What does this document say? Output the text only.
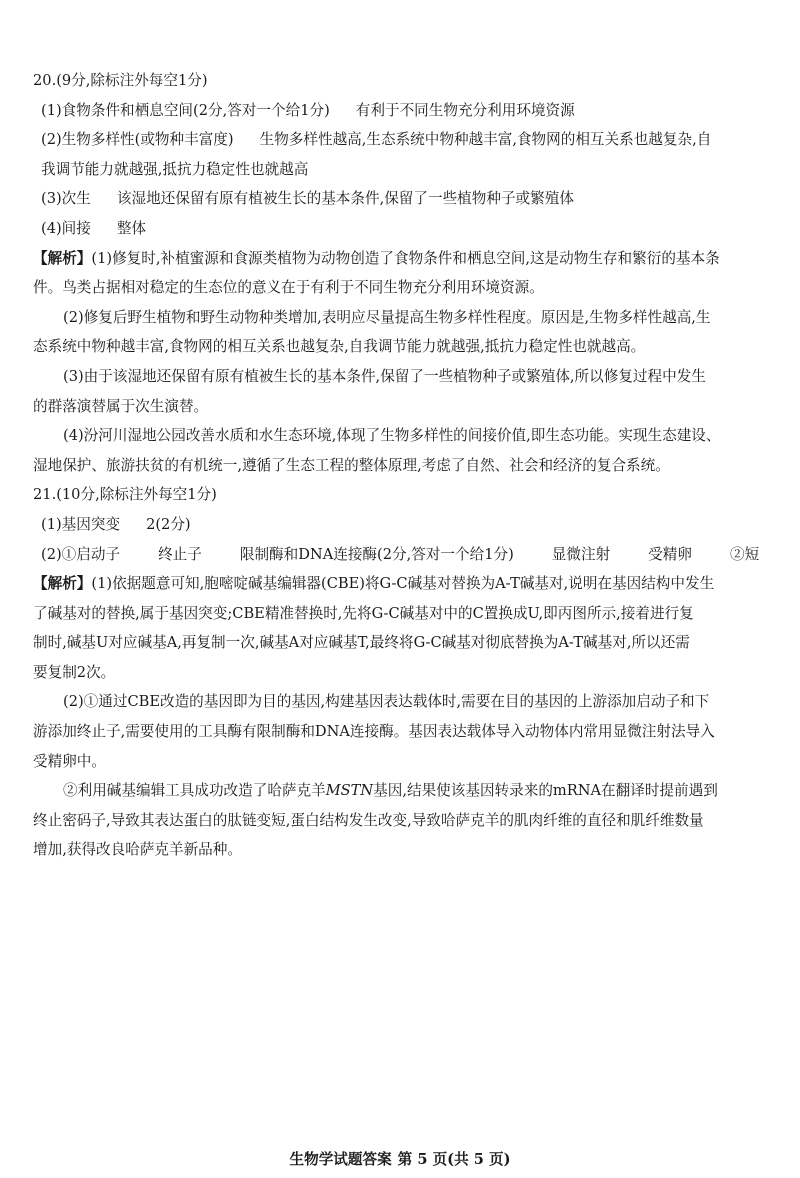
20.(9分,除标注外每空1分)
(1)食物条件和栖息空间(2分,答对一个给1分) 有利于不同生物充分利用环境资源
(2)生物多样性(或物种丰富度) 生物多样性越高,生态系统中物种越丰富,食物网的相互关系也越复杂,自
我调节能力就越强,抵抗力稳定性也就越高
(3)次生 该湿地还保留有原有植被生长的基本条件,保留了一些植物种子或繁殖体
(4)间接 整体
【解析】(1)修复时,补植蜜源和食源类植物为动物创造了食物条件和栖息空间,这是动物生存和繁衍的基本条
件。鸟类占据相对稳定的生态位的意义在于有利于不同生物充分利用环境资源。
(2)修复后野生植物和野生动物种类增加,表明应尽量提高生物多样性程度。原因是,生物多样性越高,生
态系统中物种越丰富,食物网的相互关系也越复杂,自我调节能力就越强,抵抗力稳定性也就越高。
(3)由于该湿地还保留有原有植被生长的基本条件,保留了一些植物种子或繁殖体,所以修复过程中发生
的群落演替属于次生演替。
(4)汾河川湿地公园改善水质和水生态环境,体现了生物多样性的间接价值,即生态功能。实现生态建设、
湿地保护、旅游扶贫的有机统一,遵循了生态工程的整体原理,考虑了自然、社会和经济的复合系统。
21.(10分,除标注外每空1分)
(1)基因突变 2(2分)
(2)①启动子	终止子	限制酶和DNA连接酶(2分,答对一个给1分)	显微注射	受精卵	②短
【解析】(1)依据题意可知,胞嘧啶碱基编辑器(CBE)将G-C碱基对替换为A-T碱基对,说明在基因结构中发生
了碱基对的替换,属于基因突变;CBE精准替换时,先将G-C碱基对中的C置换成U,即丙图所示,接着进行复
制时,碱基U对应碱基A,再复制一次,碱基A对应碱基T,最终将G-C碱基对彻底替换为A-T碱基对,所以还需
要复制2次。
(2)①通过CBE改造的基因即为目的基因,构建基因表达载体时,需要在目的基因的上游添加启动子和下
游添加终止子,需要使用的工具酶有限制酶和DNA连接酶。基因表达载体导入动物体内常用显微注射法导入
受精卵中。
②利用碱基编辑工具成功改造了哈萨克羊MSTN基因,结果使该基因转录来的mRNA在翻译时提前遇到
终止密码子,导致其表达蛋白的肽链变短,蛋白结构发生改变,导致哈萨克羊的肌肉纤维的直径和肌纤维数量
增加,获得改良哈萨克羊新品种。
生物学试题答案 第 5 页(共 5 页)
